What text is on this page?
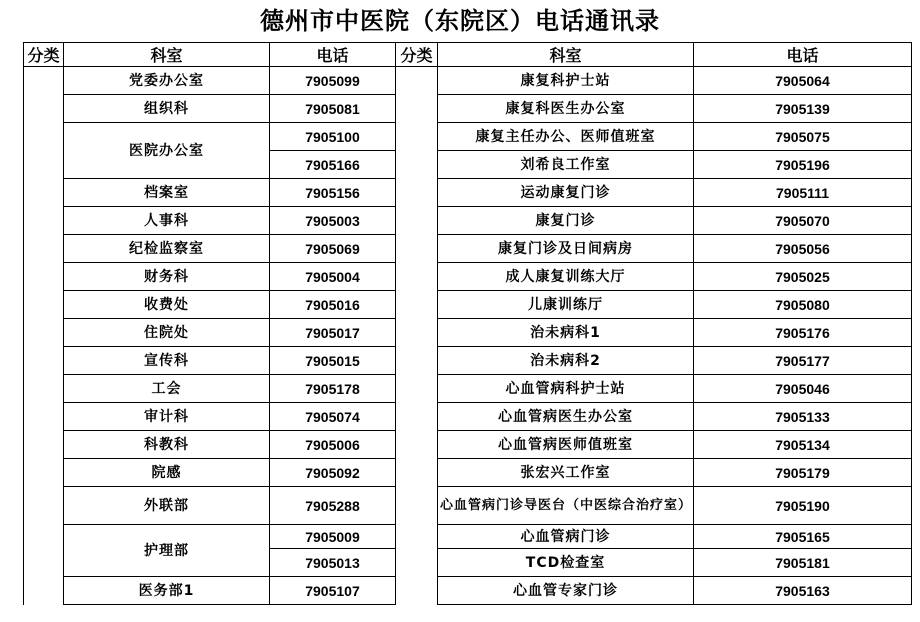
德州市中医院（东院区）电话通讯录
分类	科室	电话	分类	科室	电话
	党委办公室	7905099		康复科护士站	7905064
	组织科	7905081		康复科医生办公室	7905139
	医院办公室	7905100		康复主任办公、医师值班室	7905075
		7905166		刘希良工作室	7905196
	档案室	7905156		运动康复门诊	7905111
	人事科	7905003		康复门诊	7905070
	纪检监察室	7905069		康复门诊及日间病房	7905056
	财务科	7905004		成人康复训练大厅	7905025
	收费处	7905016		儿康训练厅	7905080
	住院处	7905017		治未病科1	7905176
	宣传科	7905015		治未病科2	7905177
	工会	7905178		心血管病科护士站	7905046
	审计科	7905074		心血管病医生办公室	7905133
	科教科	7905006		心血管病医师值班室	7905134
	院感	7905092		张宏兴工作室	7905179
	外联部	7905288		心血管病门诊导医台（中医综合治疗室）	7905190
	护理部	7905009		心血管病门诊	7905165
		7905013		TCD检查室	7905181
	医务部1	7905107		心血管专家门诊	7905163
